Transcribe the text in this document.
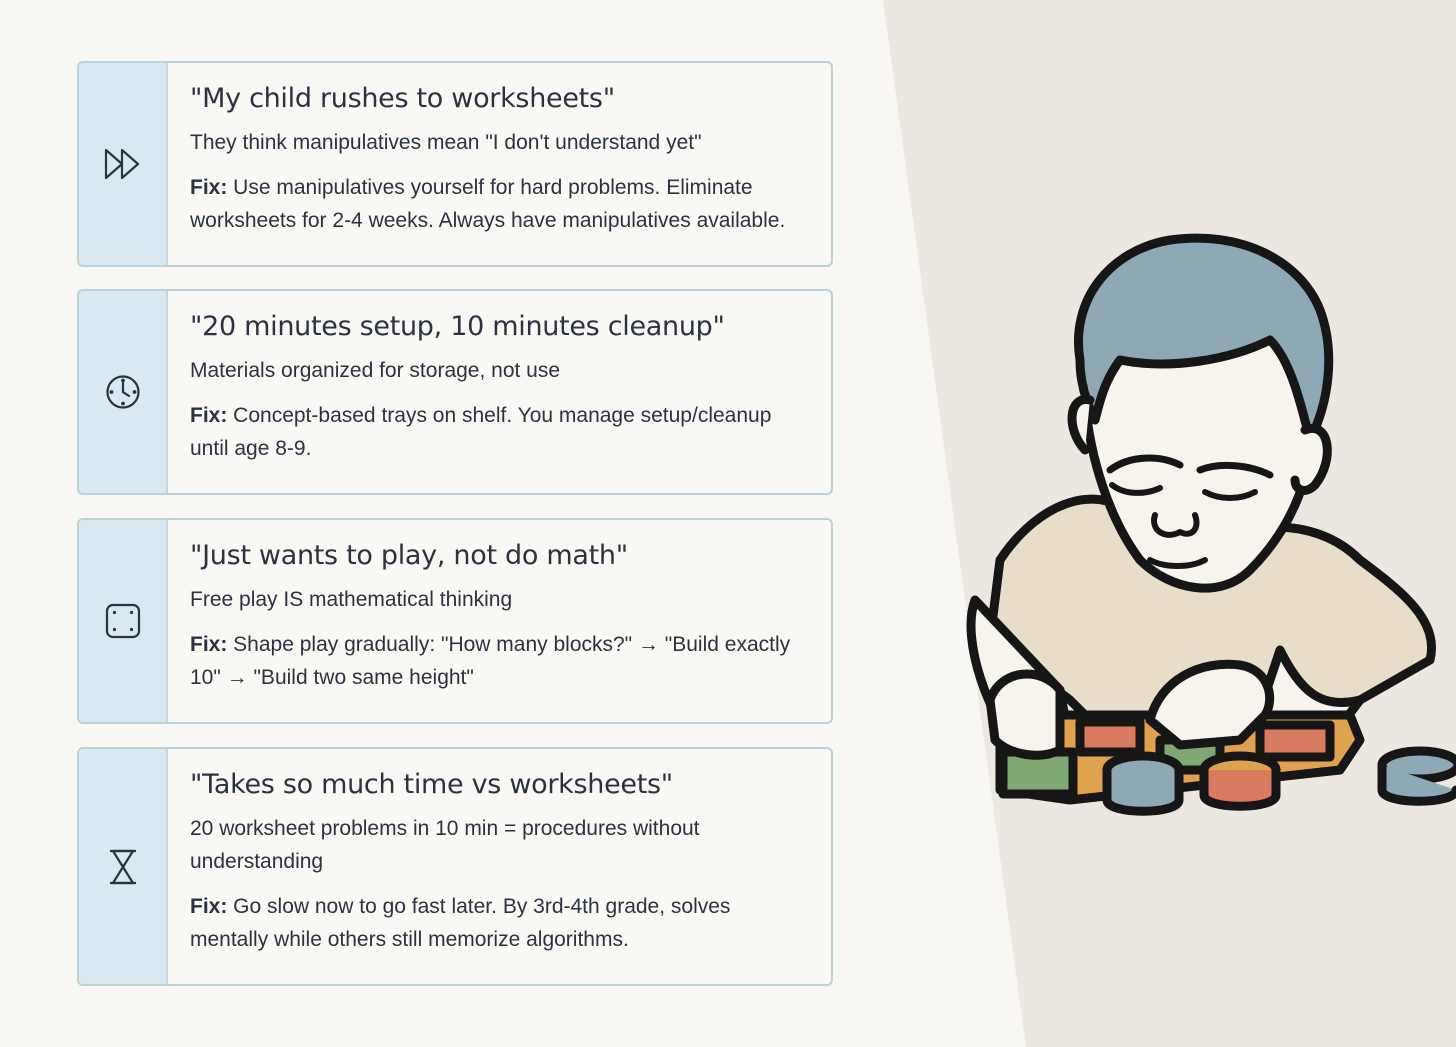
"My child rushes to worksheets"

They think manipulatives mean "I don't understand yet"

Fix: Use manipulatives yourself for hard problems. Eliminate worksheets for 2-4 weeks. Always have manipulatives available.

"20 minutes setup, 10 minutes cleanup"

Materials organized for storage, not use

Fix: Concept-based trays on shelf. You manage setup/cleanup until age 8-9.

"Just wants to play, not do math"

Free play IS mathematical thinking

Fix: Shape play gradually: "How many blocks?" → "Build exactly 10" → "Build two same height"

"Takes so much time vs worksheets"

20 worksheet problems in 10 min = procedures without understanding

Fix: Go slow now to go fast later. By 3rd-4th grade, solves mentally while others still memorize algorithms.
